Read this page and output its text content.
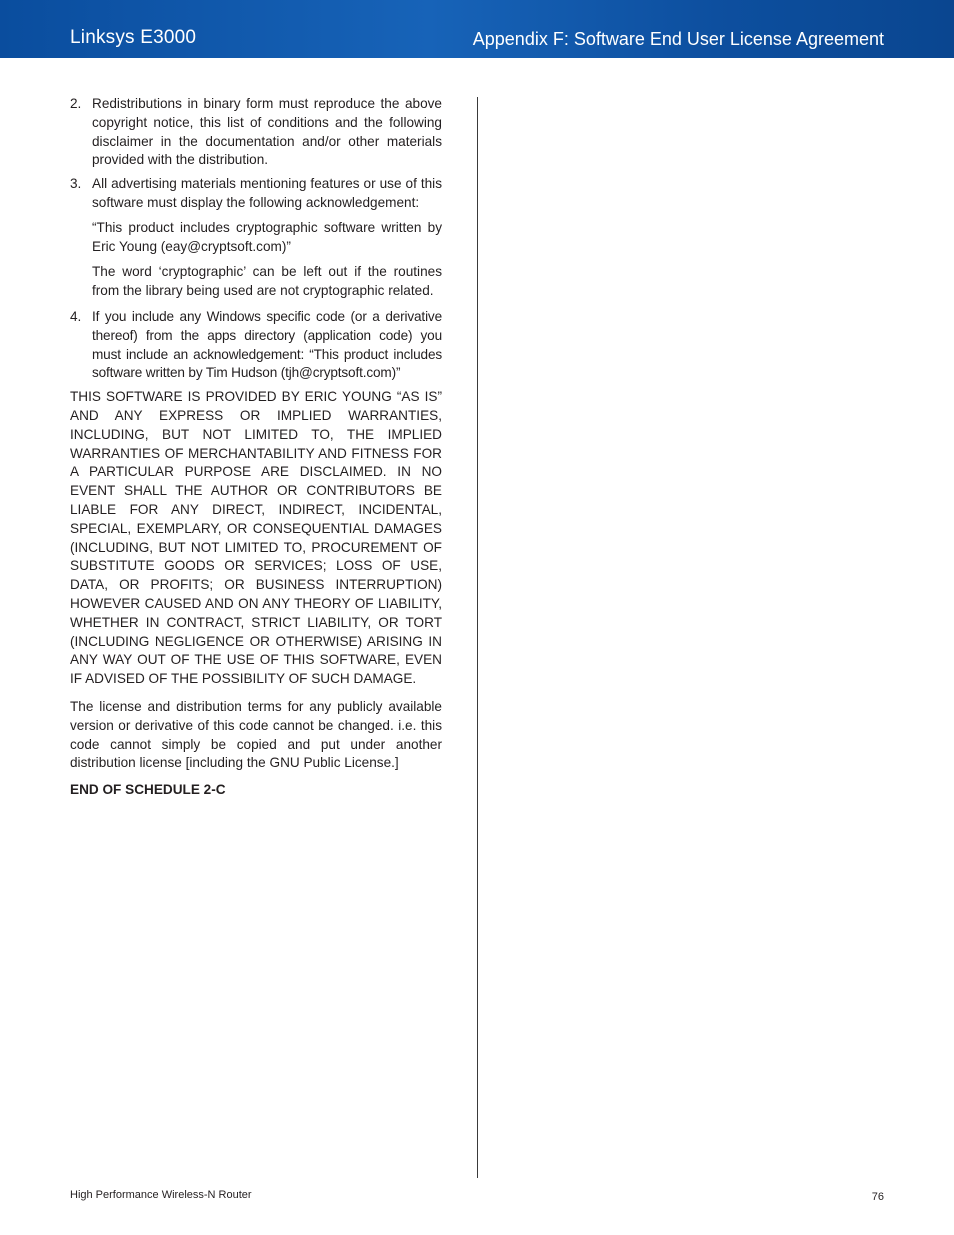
Linksys E3000	Appendix F: Software End User License Agreement
2. Redistributions in binary form must reproduce the above copyright notice, this list of conditions and the following disclaimer in the documentation and/or other materials provided with the distribution.
3. All advertising materials mentioning features or use of this software must display the following acknowledgement:

“This product includes cryptographic software written by Eric Young (eay@cryptsoft.com)”

The word ‘cryptographic’ can be left out if the routines from the library being used are not cryptographic related.

4. If you include any Windows specific code (or a derivative thereof) from the apps directory (application code) you must include an acknowledgement: “This product includes software written by Tim Hudson (tjh@cryptsoft.com)”

THIS SOFTWARE IS PROVIDED BY ERIC YOUNG “AS IS” AND ANY EXPRESS OR IMPLIED WARRANTIES, INCLUDING, BUT NOT LIMITED TO, THE IMPLIED WARRANTIES OF MERCHANTABILITY AND FITNESS FOR A PARTICULAR PURPOSE ARE DISCLAIMED. IN NO EVENT SHALL THE AUTHOR OR CONTRIBUTORS BE LIABLE FOR ANY DIRECT, INDIRECT, INCIDENTAL, SPECIAL, EXEMPLARY, OR CONSEQUENTIAL DAMAGES (INCLUDING, BUT NOT LIMITED TO, PROCUREMENT OF SUBSTITUTE GOODS OR SERVICES; LOSS OF USE, DATA, OR PROFITS; OR BUSINESS INTERRUPTION) HOWEVER CAUSED AND ON ANY THEORY OF LIABILITY, WHETHER IN CONTRACT, STRICT LIABILITY, OR TORT (INCLUDING NEGLIGENCE OR OTHERWISE) ARISING IN ANY WAY OUT OF THE USE OF THIS SOFTWARE, EVEN IF ADVISED OF THE POSSIBILITY OF SUCH DAMAGE.

The license and distribution terms for any publicly available version or derivative of this code cannot be changed. i.e. this code cannot simply be copied and put under another distribution license [including the GNU Public License.]

END OF SCHEDULE 2-C

High Performance Wireless-N Router	76
